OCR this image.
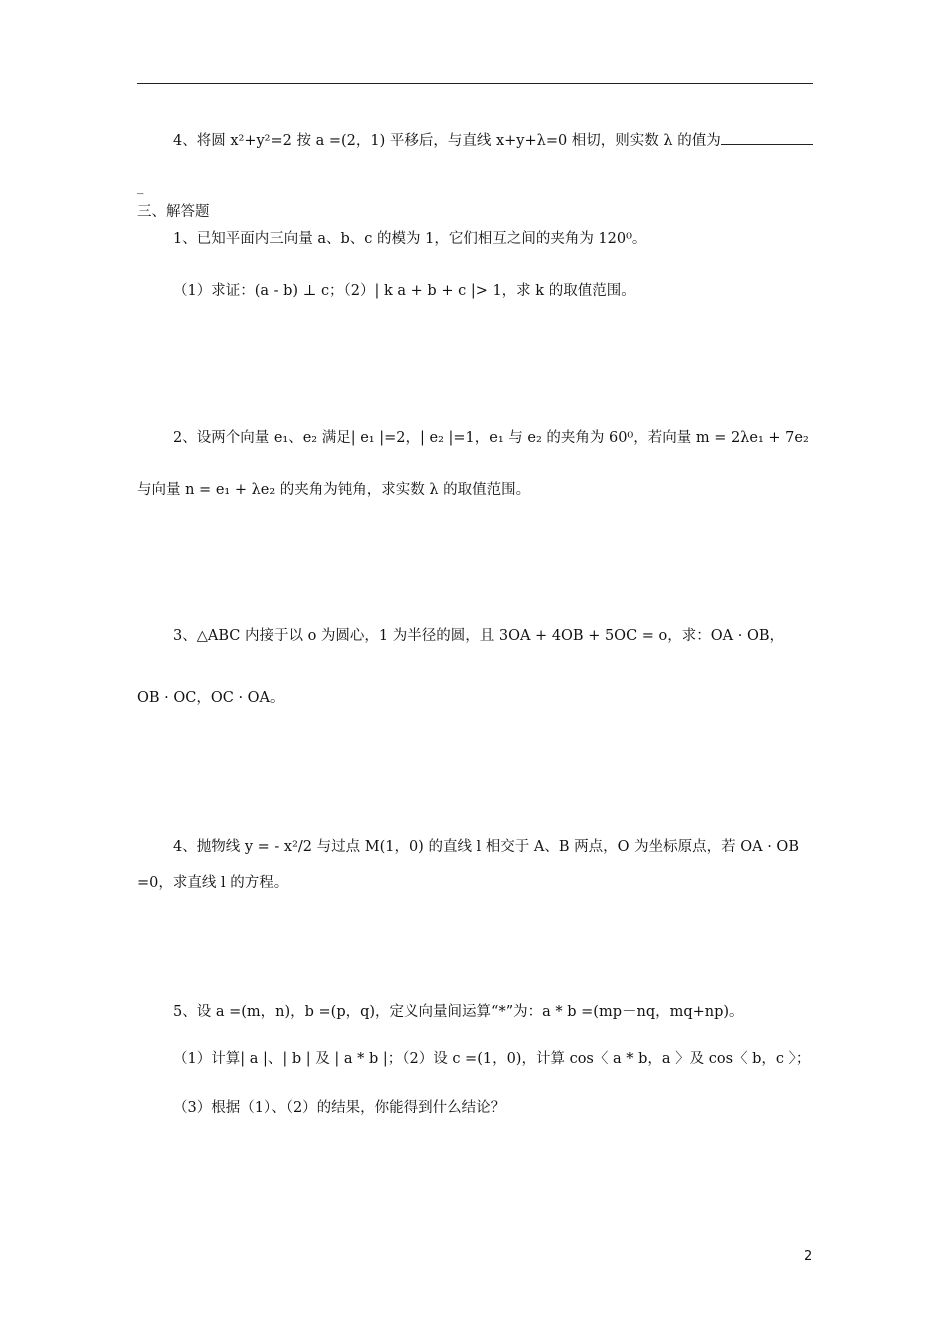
4、将圆 x²+y²=2 按 a =(2，1) 平移后，与直线 x+y+λ=0 相切，则实数 λ 的值为
_
三、解答题
1、已知平面内三向量 a、b、c 的模为 1，它们相互之间的夹角为 120⁰。
（1）求证：(a - b) ⊥ c；（2）| k a + b + c |> 1，求 k 的取值范围。
2、设两个向量 e₁、e₂ 满足| e₁ |=2，| e₂ |=1，e₁ 与 e₂ 的夹角为 60⁰，若向量 m = 2λe₁ + 7e₂
与向量 n = e₁ + λe₂ 的夹角为钝角，求实数 λ 的取值范围。
3、△ABC 内接于以 o 为圆心，1 为半径的圆，且 3OA + 4OB + 5OC = o，求：OA · OB，
OB · OC，OC · OA。
4、抛物线 y = - x²/2 与过点 M(1，0) 的直线 l 相交于 A、B 两点，O 为坐标原点，若 OA · OB
=0，求直线 l 的方程。
5、设 a =(m，n)，b =(p，q)，定义向量间运算“*”为：a * b =(mp－nq，mq+np)。
（1）计算| a |、| b | 及 | a * b |；（2）设 c =(1，0)，计算 cos〈 a * b，a 〉及 cos〈 b，c 〉；
（3）根据（1）、（2）的结果，你能得到什么结论？
2
